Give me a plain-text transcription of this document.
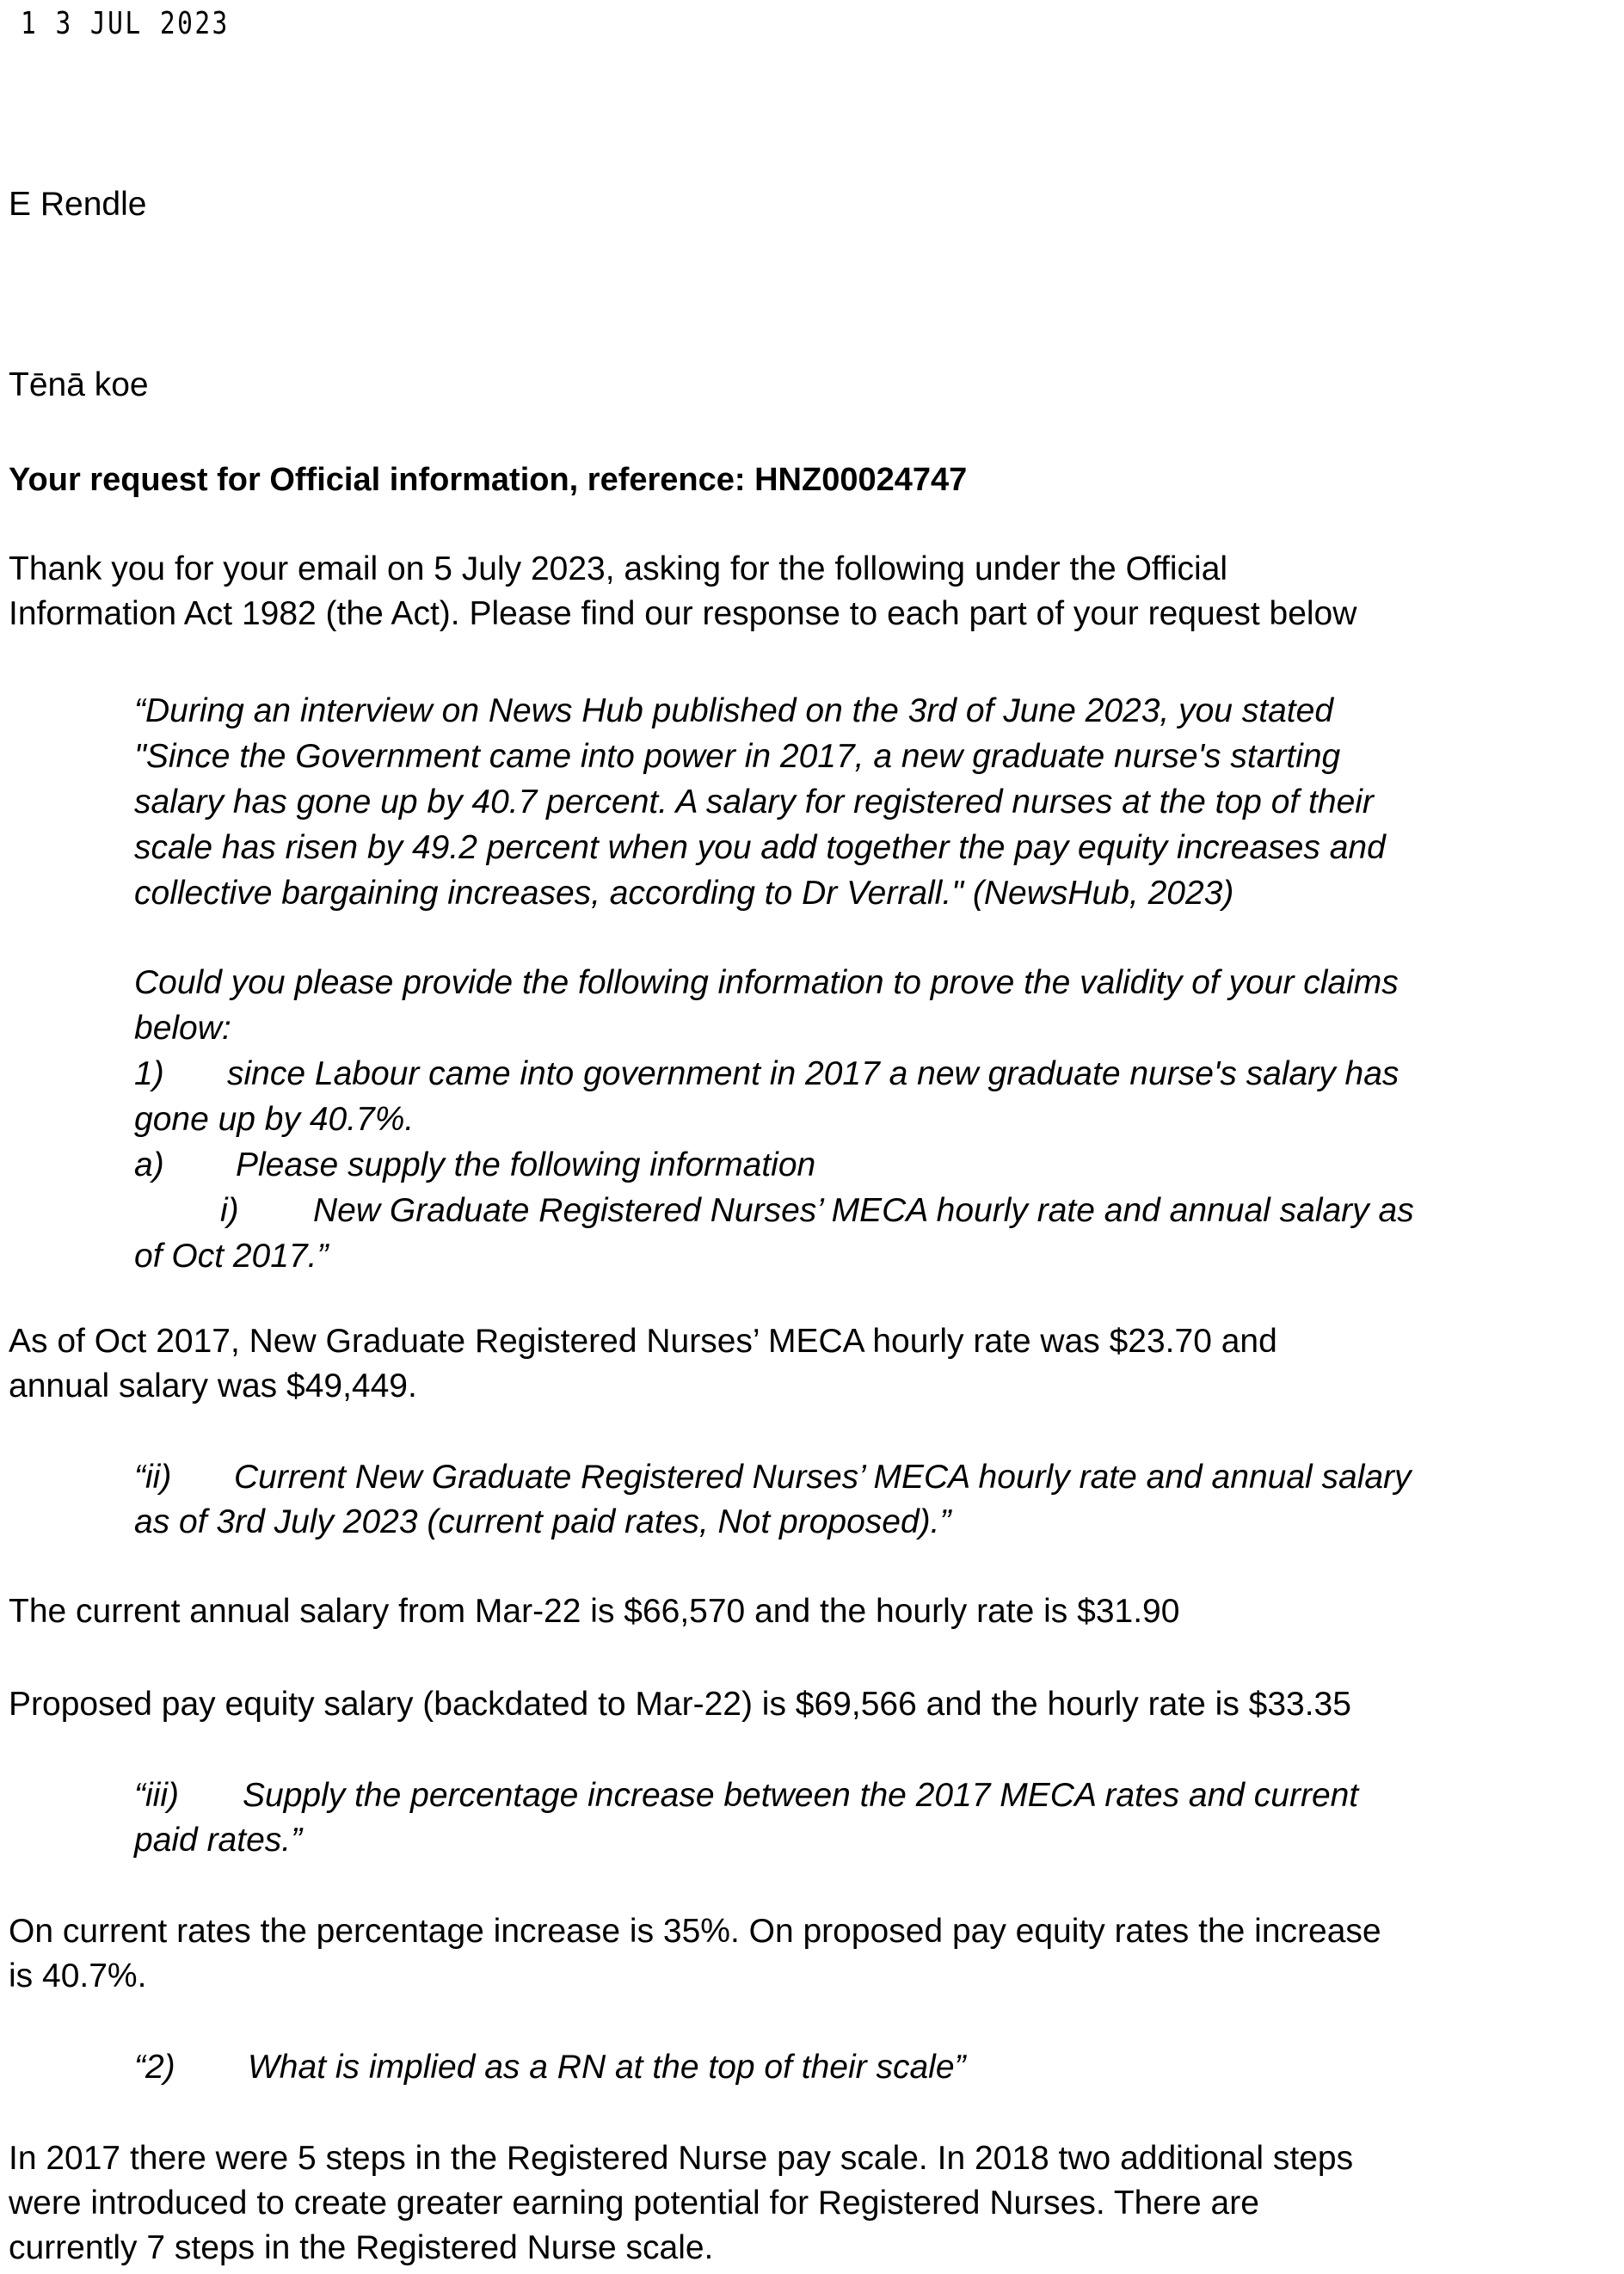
1 3 JUL 2023

E Rendle

Tēnā koe

Your request for Official information, reference: HNZ00024747

Thank you for your email on 5 July 2023, asking for the following under the Official
Information Act 1982 (the Act). Please find our response to each part of your request below
“During an interview on News Hub published on the 3rd of June 2023, you stated
"Since the Government came into power in 2017, a new graduate nurse's starting
salary has gone up by 40.7 percent. A salary for registered nurses at the top of their
scale has risen by 49.2 percent when you add together the pay equity increases and
collective bargaining increases, according to Dr Verrall." (NewsHub, 2023)
Could you please provide the following information to prove the validity of your claims
below:
1) since Labour came into government in 2017 a new graduate nurse's salary has
gone up by 40.7%.
a) Please supply the following information
i) New Graduate Registered Nurses’ MECA hourly rate and annual salary as
of Oct 2017.”
As of Oct 2017, New Graduate Registered Nurses’ MECA hourly rate was $23.70 and
annual salary was $49,449.
“ii) Current New Graduate Registered Nurses’ MECA hourly rate and annual salary
as of 3rd July 2023 (current paid rates, Not proposed).”

The current annual salary from Mar-22 is $66,570 and the hourly rate is $31.90

Proposed pay equity salary (backdated to Mar-22) is $69,566 and the hourly rate is $33.35

“iii) Supply the percentage increase between the 2017 MECA rates and current
paid rates.”
On current rates the percentage increase is 35%. On proposed pay equity rates the increase
is 40.7%.
“2) What is implied as a RN at the top of their scale”
In 2017 there were 5 steps in the Registered Nurse pay scale. In 2018 two additional steps
were introduced to create greater earning potential for Registered Nurses. There are
currently 7 steps in the Registered Nurse scale.
